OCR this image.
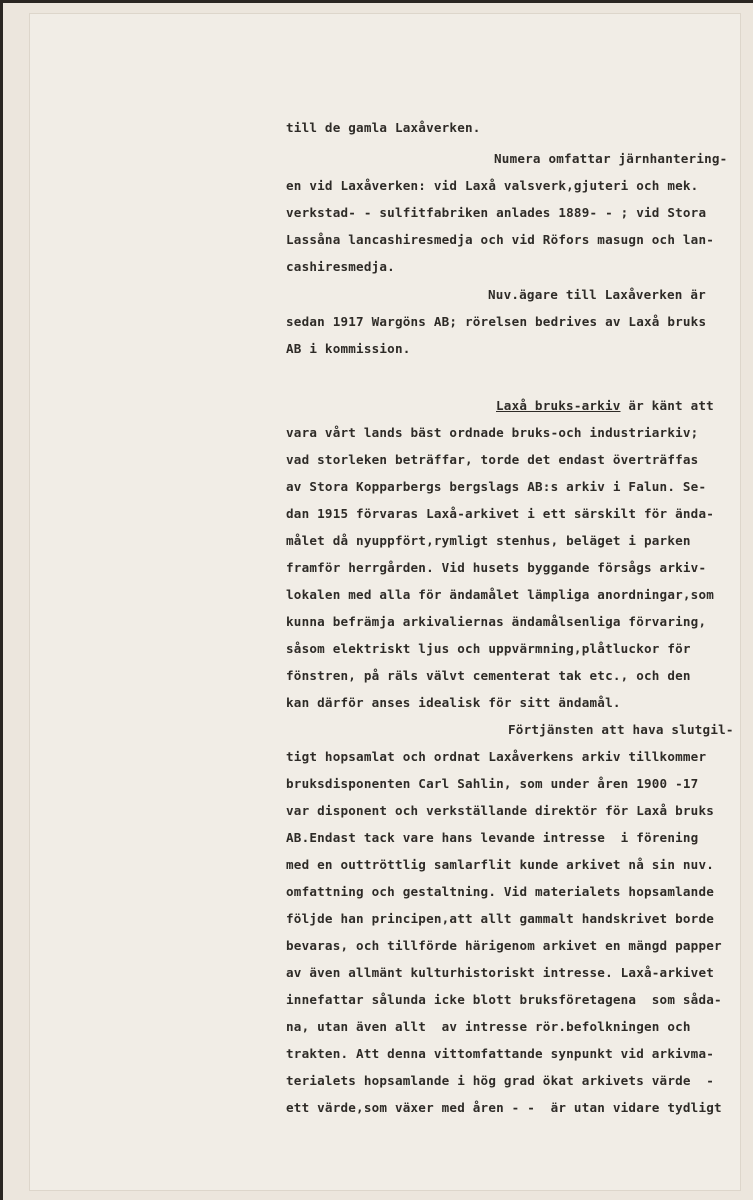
till de gamla Laxåverken.
Numera omfattar järnhantering-
en vid Laxåverken: vid Laxå valsverk,gjuteri och mek.
verkstad- - sulfitfabriken anlades 1889- - ; vid Stora
Lassåna lancashiresmedja och vid Röfors masugn och lan-
cashiresmedja.
Nuv.ägare till Laxåverken är
sedan 1917 Wargöns AB; rörelsen bedrives av Laxå bruks
AB i kommission.
Laxå bruks-arkiv är känt att
vara vårt lands bäst ordnade bruks-och industriarkiv;
vad storleken beträffar, torde det endast överträffas
av Stora Kopparbergs bergslags AB:s arkiv i Falun. Se-
dan 1915 förvaras Laxå-arkivet i ett särskilt för ända-
målet då nyuppfört,rymligt stenhus, beläget i parken
framför herrgården. Vid husets byggande försågs arkiv-
lokalen med alla för ändamålet lämpliga anordningar,som
kunna befrämja arkivaliernas ändamålsenliga förvaring,
såsom elektriskt ljus och uppvärmning,plåtluckor för
fönstren, på räls välvt cementerat tak etc., och den
kan därför anses idealisk för sitt ändamål.
Förtjänsten att hava slutgil-
tigt hopsamlat och ordnat Laxåverkens arkiv tillkommer
bruksdisponenten Carl Sahlin, som under åren 1900 -17
var disponent och verkställande direktör för Laxå bruks
AB.Endast tack vare hans levande intresse  i förening
med en outtröttlig samlarflit kunde arkivet nå sin nuv.
omfattning och gestaltning. Vid materialets hopsamlande
följde han principen,att allt gammalt handskrivet borde
bevaras, och tillförde härigenom arkivet en mängd papper
av även allmänt kulturhistoriskt intresse. Laxå-arkivet
innefattar sålunda icke blott bruksföretagena  som såda-
na, utan även allt  av intresse rör.befolkningen och
trakten. Att denna vittomfattande synpunkt vid arkivma-
terialets hopsamlande i hög grad ökat arkivets värde  -
ett värde,som växer med åren - -  är utan vidare tydligt
